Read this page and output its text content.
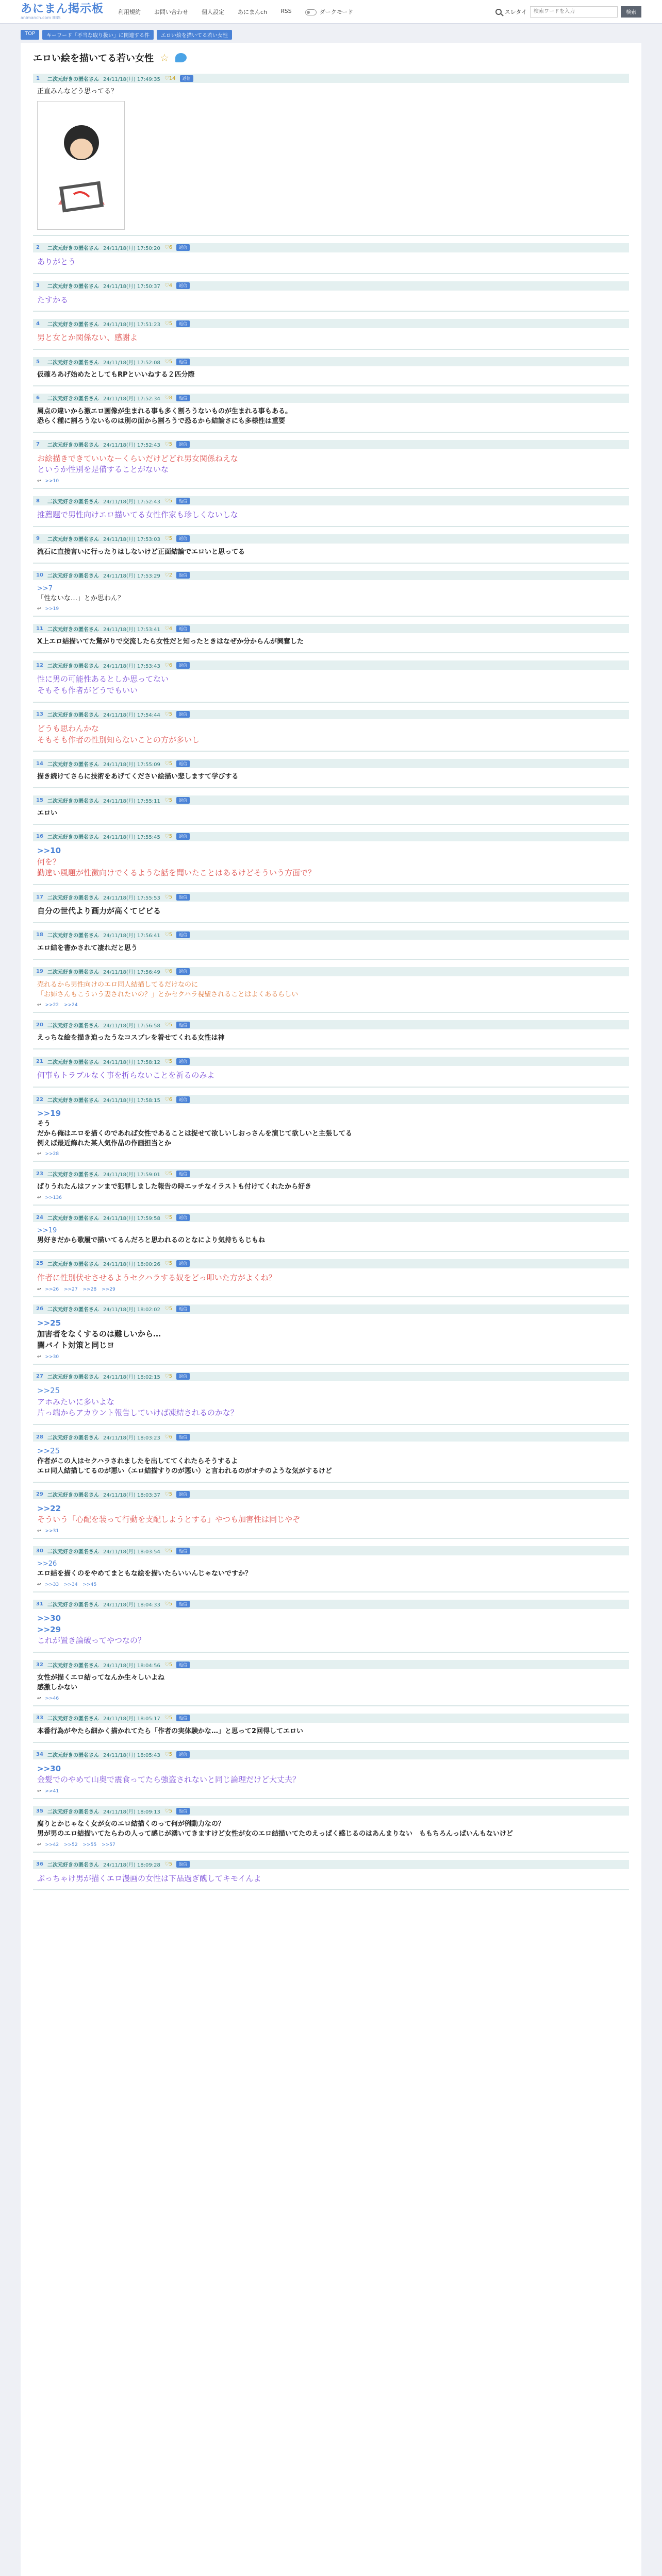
あにまん掲示板
animanch.com BBS
利用規約 お問い合わせ 個人設定 あにまんch RSS	ダークモード	スレタイ
検索ワードを入力	検索
TOP	キーワード「不当な取り扱い」に関連する件	エロい絵を描いてる若い女性
エロい絵を描いてる若い女性 ☆
1	二次元好きの匿名さん 24/11/18(月) 17:49:35 ♡14	返信
正直みんなどう思ってる？
2	二次元好きの匿名さん 24/11/18(月) 17:50:20 ♡6	返信
ありがとう
3	二次元好きの匿名さん 24/11/18(月) 17:50:37 ♡4	返信
たすかる
4	二次元好きの匿名さん 24/11/18(月) 17:51:23 ♡5	返信
男と女とか関係ない、感謝よ
5	二次元好きの匿名さん 24/11/18(月) 17:52:08 ♡5	返信
仮確ろあげ始めたとしてもRPといいねする２匹分際
6	二次元好きの匿名さん 24/11/18(月) 17:52:34 ♡8	返信
属点の違いから激エロ画像が生まれる事も多く割ろうないものが生まれる事もある。
恐らく種に割ろうないものは別の面から割ろうで恐るから結論さにも多様性は重要
7	二次元好きの匿名さん 24/11/18(月) 17:52:43 ♡5	返信
お絵描きできていいなーくらいだけどどれ男女関係ねえな
というか性別を是備することがないな
↩ >>10
8	二次元好きの匿名さん 24/11/18(月) 17:52:43 ♡5	返信
推薦題で男性向けエロ描いてる女性作家も珍しくないしな
9	二次元好きの匿名さん 24/11/18(月) 17:53:03 ♡5	返信
流石に直接言いに行ったりはしないけど正面結論でエロいと思ってる
10 二次元好きの匿名さん 24/11/18(月) 17:53:29 ♡2	返信
>>7
「性ないな…」とか思わん？
↩ >>19
11 二次元好きの匿名さん 24/11/18(月) 17:53:41 ♡4	返信
X上エロ結描いてた驚がりで交流したら女性だと知ったときはなぜか分からんが興奮した
12 二次元好きの匿名さん 24/11/18(月) 17:53:43 ♡6	返信
性に男の可能性あるとしか思ってない
そもそも作者がどうでもいい
13 二次元好きの匿名さん 24/11/18(月) 17:54:44 ♡5	返信
どうも思わんかな
そもそも作者の性別知らないことの方が多いし
14 二次元好きの匿名さん 24/11/18(月) 17:55:09 ♡5	返信
描き続けてさらに技術をあげてください絵描い悲しますて学びする
15 二次元好きの匿名さん 24/11/18(月) 17:55:11 ♡5	返信
エロい
16 二次元好きの匿名さん 24/11/18(月) 17:55:45 ♡5	返信
>>10
何を？
勤違い風題が性徴向けでくるような話を聞いたことはあるけどそういう方面で？
17 二次元好きの匿名さん 24/11/18(月) 17:55:53 ♡5	返信
自分の世代より画力が高くてビビる
18 二次元好きの匿名さん 24/11/18(月) 17:56:41 ♡5	返信
エロ結を書かされて凄れだと思う
19 二次元好きの匿名さん 24/11/18(月) 17:56:49 ♡6	返信
売れるから男性向けのエロ同人結描してるだけなのに
「お姉さんもこういう妻されたいの？」とかセクハラ視聖されることはよくあるらしい
↩ >>22 >>24
20 二次元好きの匿名さん 24/11/18(月) 17:56:58 ♡5	返信
えっちな絵を描き迫ったうなコスプレを着せてくれる女性は神
21 二次元好きの匿名さん 24/11/18(月) 17:58:12 ♡5	返信
何事もトラブルなく事を折らないことを祈るのみよ
22 二次元好きの匿名さん 24/11/18(月) 17:58:15 ♡6	返信
>>19
そう
だから俺はエロを描くのであれば女性であることは捉せて欲しいしおっさんを演じて欲しいと主張してる
例えば最近飾れた某人気作品の作画担当とか
↩ >>28
23 二次元好きの匿名さん 24/11/18(月) 17:59:01 ♡5	返信
ぱりうれたんはファンまで犯罪しました報告の時エッチなイラストも付けてくれたから好き
↩ >>136
24 二次元好きの匿名さん 24/11/18(月) 17:59:58 ♡5	返信
>>19
男好きだから歌履で描いてるんだろと思われるのとなにより気持ちもじもね
25 二次元好きの匿名さん 24/11/18(月) 18:00:26 ♡5	返信
作者に性別伏せさせるようセクハラする奴をどっ叩いた方がよくね？
↩ >>26 >>27 >>28 >>29
26 二次元好きの匿名さん 24/11/18(月) 18:02:02 ♡5	返信
>>25
加害者をなくするのは難しいから…
闇バイト対策と同じヨ
↩ >>30
27 二次元好きの匿名さん 24/11/18(月) 18:02:15 ♡5	返信
>>25
アホみたいに多いよな
片っ端からアカウント報告していけば凍結されるのかな？
28 二次元好きの匿名さん 24/11/18(月) 18:03:23 ♡6	返信
>>25
作者がこの人はセクハラされましたを出しててくれたらそうするよ
エロ同人結描してるのが悪い（エロ結描すりのが悪い）と言われるのがオチのような気がするけど
29 二次元好きの匿名さん 24/11/18(月) 18:03:37 ♡5	返信
>>22
そういう「心配を装って行動を支配しようとする」やつも加害性は同じやぞ
↩ >>31
30 二次元好きの匿名さん 24/11/18(月) 18:03:54 ♡5	返信
>>26
エロ結を描くのをやめてまともな絵を描いたらいいんじゃないですか？
↩ >>33 >>34 >>45
31 二次元好きの匿名さん 24/11/18(月) 18:04:33 ♡5	返信
>>30
>>29
これが置き論破ってやつなの？
32 二次元好きの匿名さん 24/11/18(月) 18:04:56 ♡5	返信
女性が描くエロ結ってなんか生々しいよね
感激しかない
↩ >>46
33 二次元好きの匿名さん 24/11/18(月) 18:05:17 ♡5	返信
本番行為がやたら細かく描かれてたら「作者の実体験かな…」と思って2回得してエロい
34 二次元好きの匿名さん 24/11/18(月) 18:05:43 ♡5	返信
>>30
金髪でのやめて山奥で震食ってたら強盗されないと同じ論理だけど大丈夫？
↩ >>41
35 二次元好きの匿名さん 24/11/18(月) 18:09:13 ♡5	返信
腐りとかじゃなく女が女のエロ結描くのって何が例動力なの？
男が男のエロ結描いてたらわの人って感じが湧いてきますけど女性が女のエロ結描いてたのえっぱく感じるのはあんまりない　ももちろんっぱいんもないけど
↩ >>42 >>52 >>55 >>57
36 二次元好きの匿名さん 24/11/18(月) 18:09:28 ♡5	返信
ぷっちゃけ男が描くエロ漫画の女性は下品過ぎ醜してキモイんよ
